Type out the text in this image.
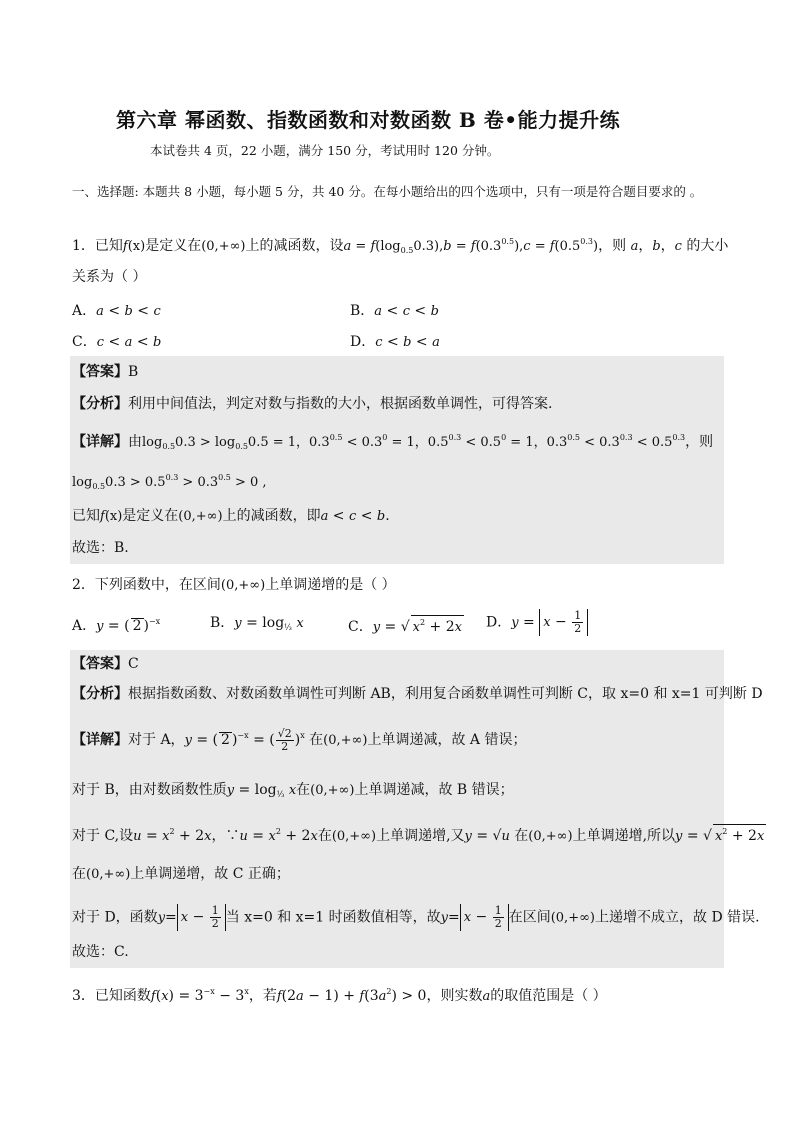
第六章 幂函数、指数函数和对数函数 B 卷•能力提升练
本试卷共 4 页，22 小题，满分 150 分，考试用时 120 分钟。
一、选择题: 本题共 8 小题，每小题 5 分，共 40 分。在每小题给出的四个选项中，只有一项是符合题目要求的 。
1．已知f(x)是定义在(0,+∞)上的减函数，设$a = f(\log_{0.5}0.3),b = f(0.3^{0.5}),c = f(0.5^{0.3})$，则 a，b，c 的大小
关系为（ ）
A．a < b < c	B．a < c < b
C．c < a < b	D．c < b < a
【答案】B
【分析】利用中间值法，判定对数与指数的大小，根据函数单调性，可得答案.
【详解】由$\log_{0.5}0.3 > \log_{0.5}0.5 = 1$，$0.3^{0.5} < 0.3^0 = 1$，$0.5^{0.3} < 0.5^0 = 1$，$0.3^{0.5} < 0.3^{0.3} < 0.5^{0.3}$，则
$\log_{0.5}0.3 > 0.5^{0.3} > 0.3^{0.5} > 0$ ,
已知f(x)是定义在(0,+∞)上的减函数，即a < c < b.
故选：B.
2．下列函数中，在区间(0,+∞)上单调递增的是（ ）
A．y = ( 2 )$^{-x}$	B．$y = \log_{\frac{1}{3}} x$	C．y = √ $x^2 + 2x$ D．$y = x - \frac{1}{2}$
【答案】C
【分析】根据指数函数、对数函数单调性可判断 AB，利用复合函数单调性可判断 C，取 x=0 和 x=1 可判断 D
【详解】对于 A，y = ( 2 )$^{-x}$ = ( $\frac{√2}{2} )^x$ 在(0,+∞)上单调递减，故 A 错误；
对于 B，由对数函数性质$y = \log_{\frac{1}{3}} x$在(0,+∞)上单调递减，故 B 错误；
对于 C,设$u = x^2 + 2x$，∵u = $x^2 + 2x$在(0,+∞)上单调递增,又y = √u 在(0,+∞)上单调递增,所以y = √ $x^2 + 2x$
在(0,+∞)上单调递增，故 C 正确；
对于 D，函数$y= x - \frac{1}{2}$ 当 x=0 和 x=1 时函数值相等，故$y= x - \frac{1}{2}$ 在区间(0,+∞)上递增不成立，故 D 错误.
故选：C.
3．已知函数$f(x) = 3^{-x} - 3^x$，若$f(2a - 1) + f(3a^2) > 0$，则实数a的取值范围是（ ）
